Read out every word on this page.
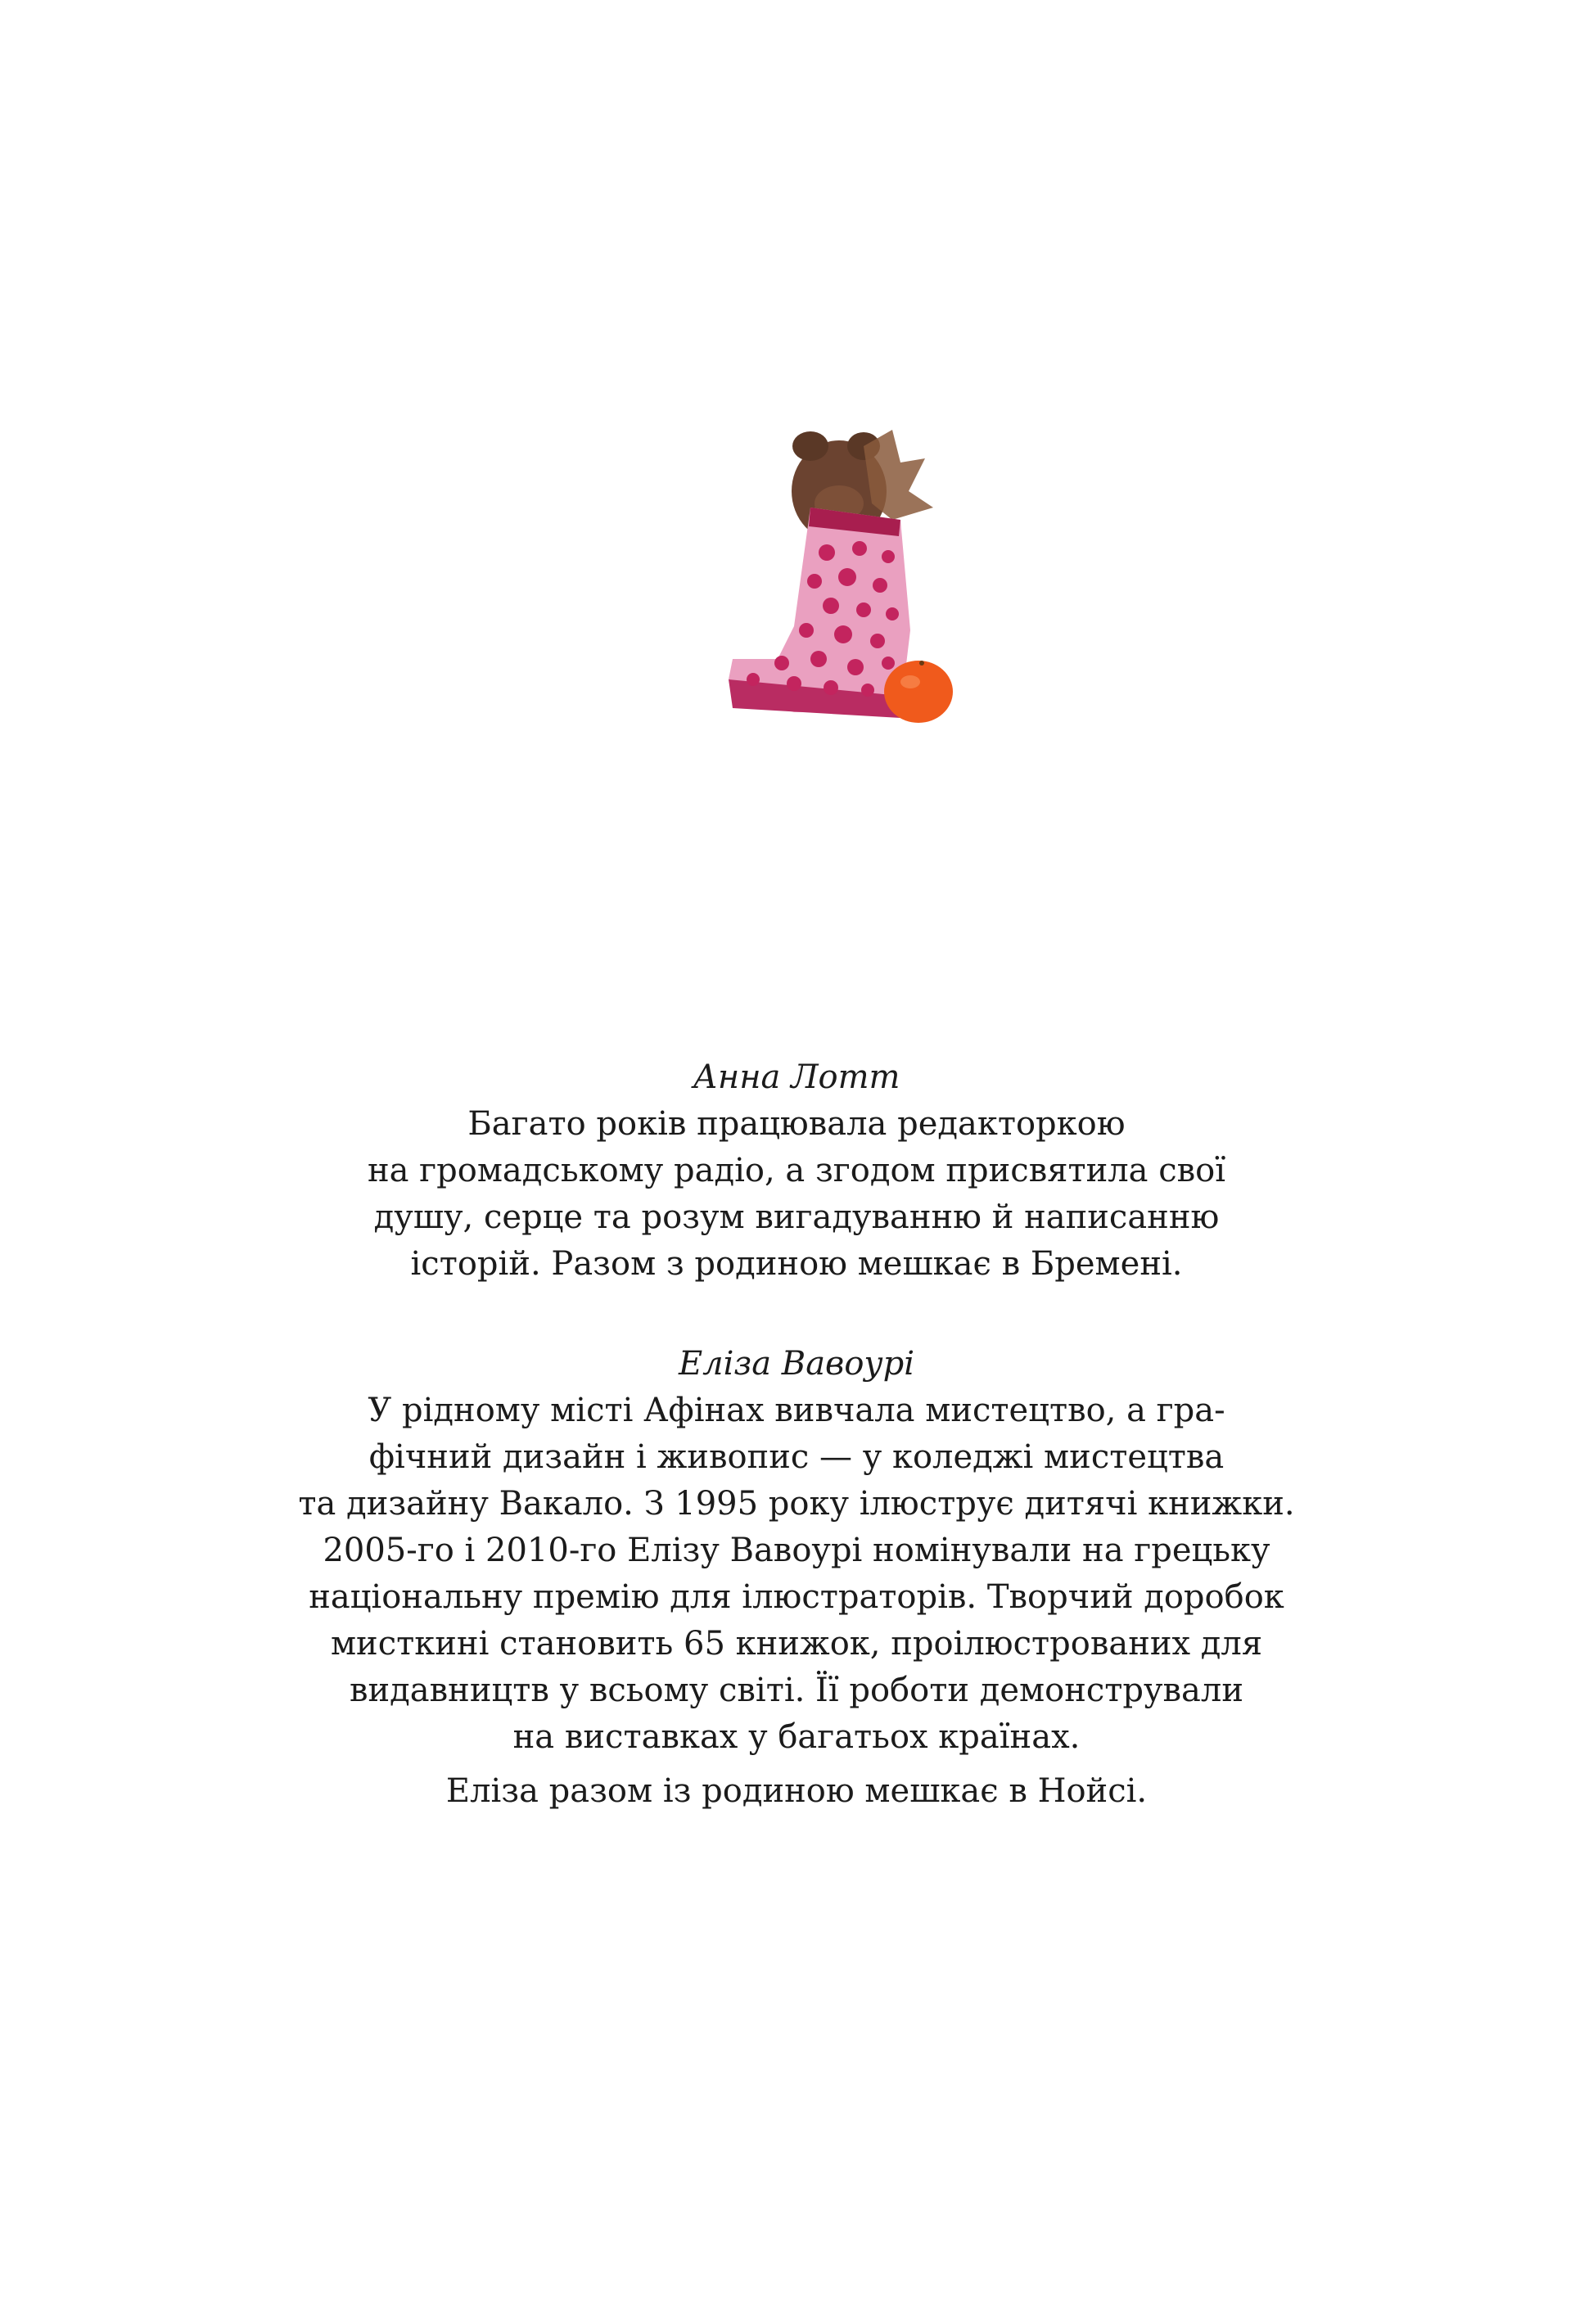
Анна Лотт
Багато років працювала редакторкою
на громадському радіо, а згодом присвятила свої
душу, серце та розум вигадуванню й написанню
історій. Разом з родиною мешкає в Бремені.
Еліза Вавоурі
У рідному місті Афінах вивчала мистецтво, а гра-
фічний дизайн і живопис — у коледжі мистецтва
та дизайну Вакало. З 1995 року ілюструє дитячі книжки.
2005-го і 2010-го Елізу Вавоурі номінували на грецьку
національну премію для ілюстраторів. Творчий доробок
мисткині становить 65 книжок, проілюстрованих для
видавництв у всьому світі. Її роботи демонстрували
на виставках у багатьох країнах.
Еліза разом із родиною мешкає в Нойсі.
